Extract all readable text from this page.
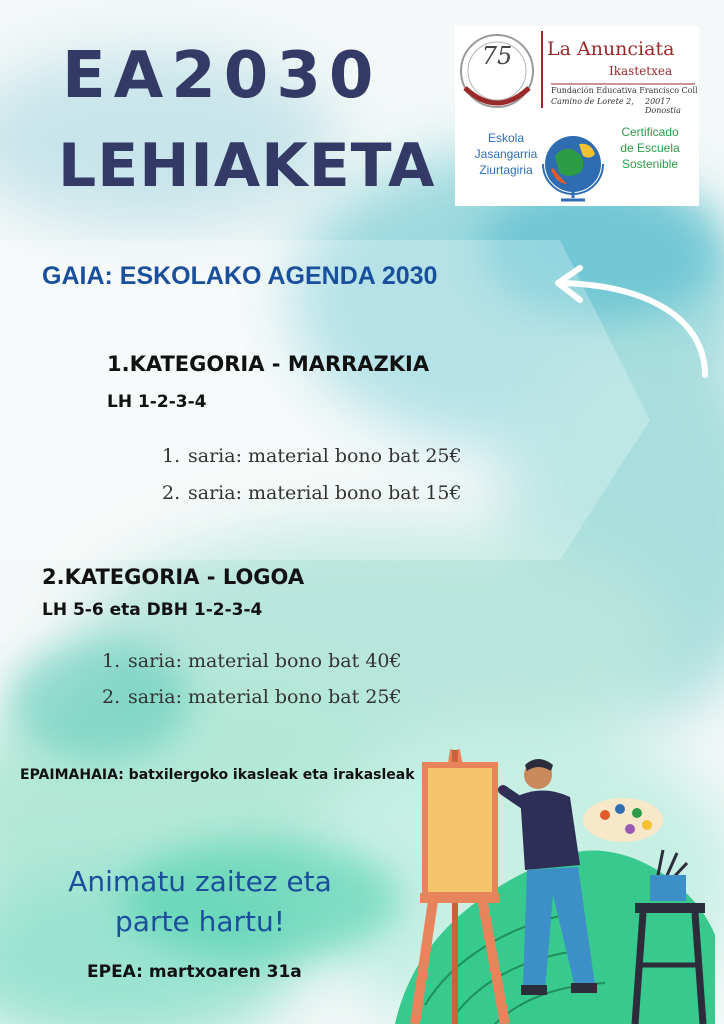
EA2030
LEHIAKETA
75
F.Coll
La Anunciata
Ikastetxea
Fundación Educativa Francisco Coll
Camino de Lorete 2, 20017 Donostia
Eskola
Jasangarria
Ziurtagiria
Certificado
de Escuela
Sostenible
GAIA: ESKOLAKO AGENDA 2030
1.KATEGORIA - MARRAZKIA
LH 1-2-3-4
1. saria: material bono bat 25€
2. saria: material bono bat 15€
2.KATEGORIA - LOGOA
LH 5-6 eta DBH 1-2-3-4
1. saria: material bono bat 40€
2. saria: material bono bat 25€
EPAIMAHAIA: batxilergoko ikasleak eta irakasleak
Animatu zaitez eta
parte hartu!
EPEA: martxoaren 31a
